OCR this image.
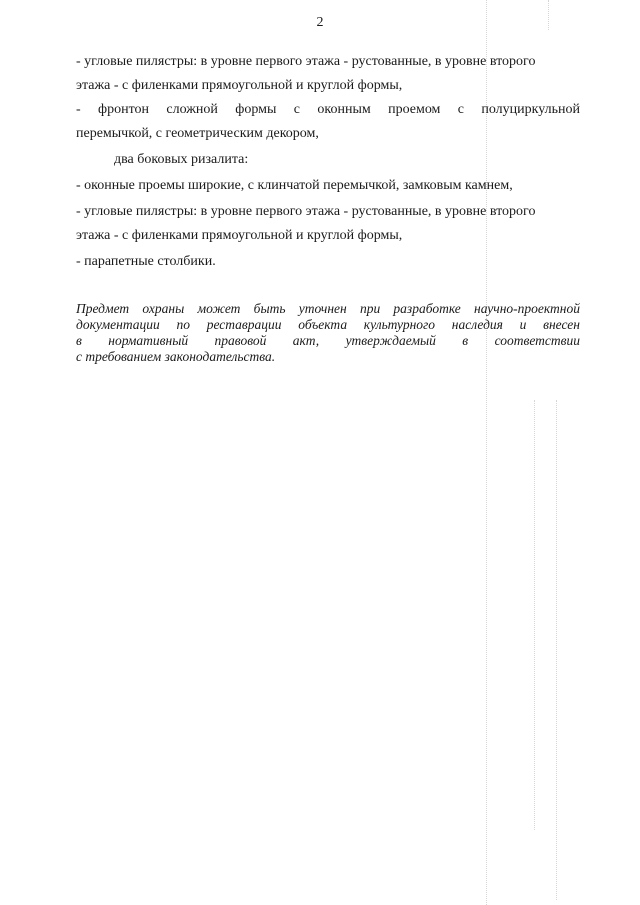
2

- угловые пилястры: в уровне первого этажа - рустованные, в уровне второго
этажа - с филенками прямоугольной и круглой формы,

- фронтон сложной формы с оконным проемом с полуциркульной
перемычкой, с геометрическим декором,

два боковых ризалита:

- оконные проемы широкие, с клинчатой перемычкой, замковым камнем,

- угловые пилястры: в уровне первого этажа - рустованные, в уровне второго
этажа - с филенками прямоугольной и круглой формы,

- парапетные столбики.

Предмет охраны может быть уточнен при разработке научно-проектной
документации по реставрации объекта культурного наследия и внесен
в нормативный правовой акт, утверждаемый в соответствии
с требованием законодательства.
